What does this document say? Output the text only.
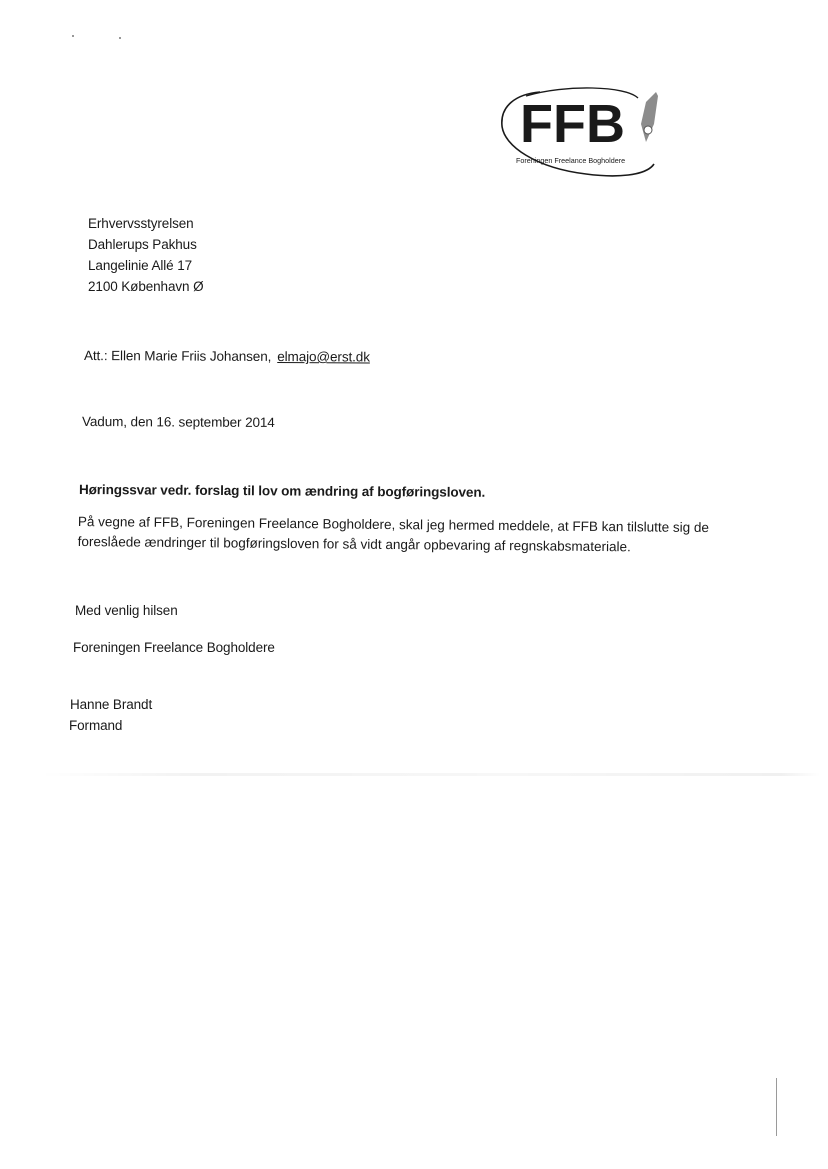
FFB
Foreningen Freelance Bogholdere
Erhvervsstyrelsen
Dahlerups Pakhus
Langelinie Allé 17
2100 København Ø
Att.: Ellen Marie Friis Johansen, elmajo@erst.dk
Vadum, den 16. september 2014
Høringssvar vedr. forslag til lov om ændring af bogføringsloven.

På vegne af FFB, Foreningen Freelance Bogholdere, skal jeg hermed meddele, at FFB kan tilslutte sig de

foreslåede ændringer til bogføringsloven for så vidt angår opbevaring af regnskabsmateriale.

Med venlig hilsen
Foreningen Freelance Bogholdere
Hanne Brandt
Formand
